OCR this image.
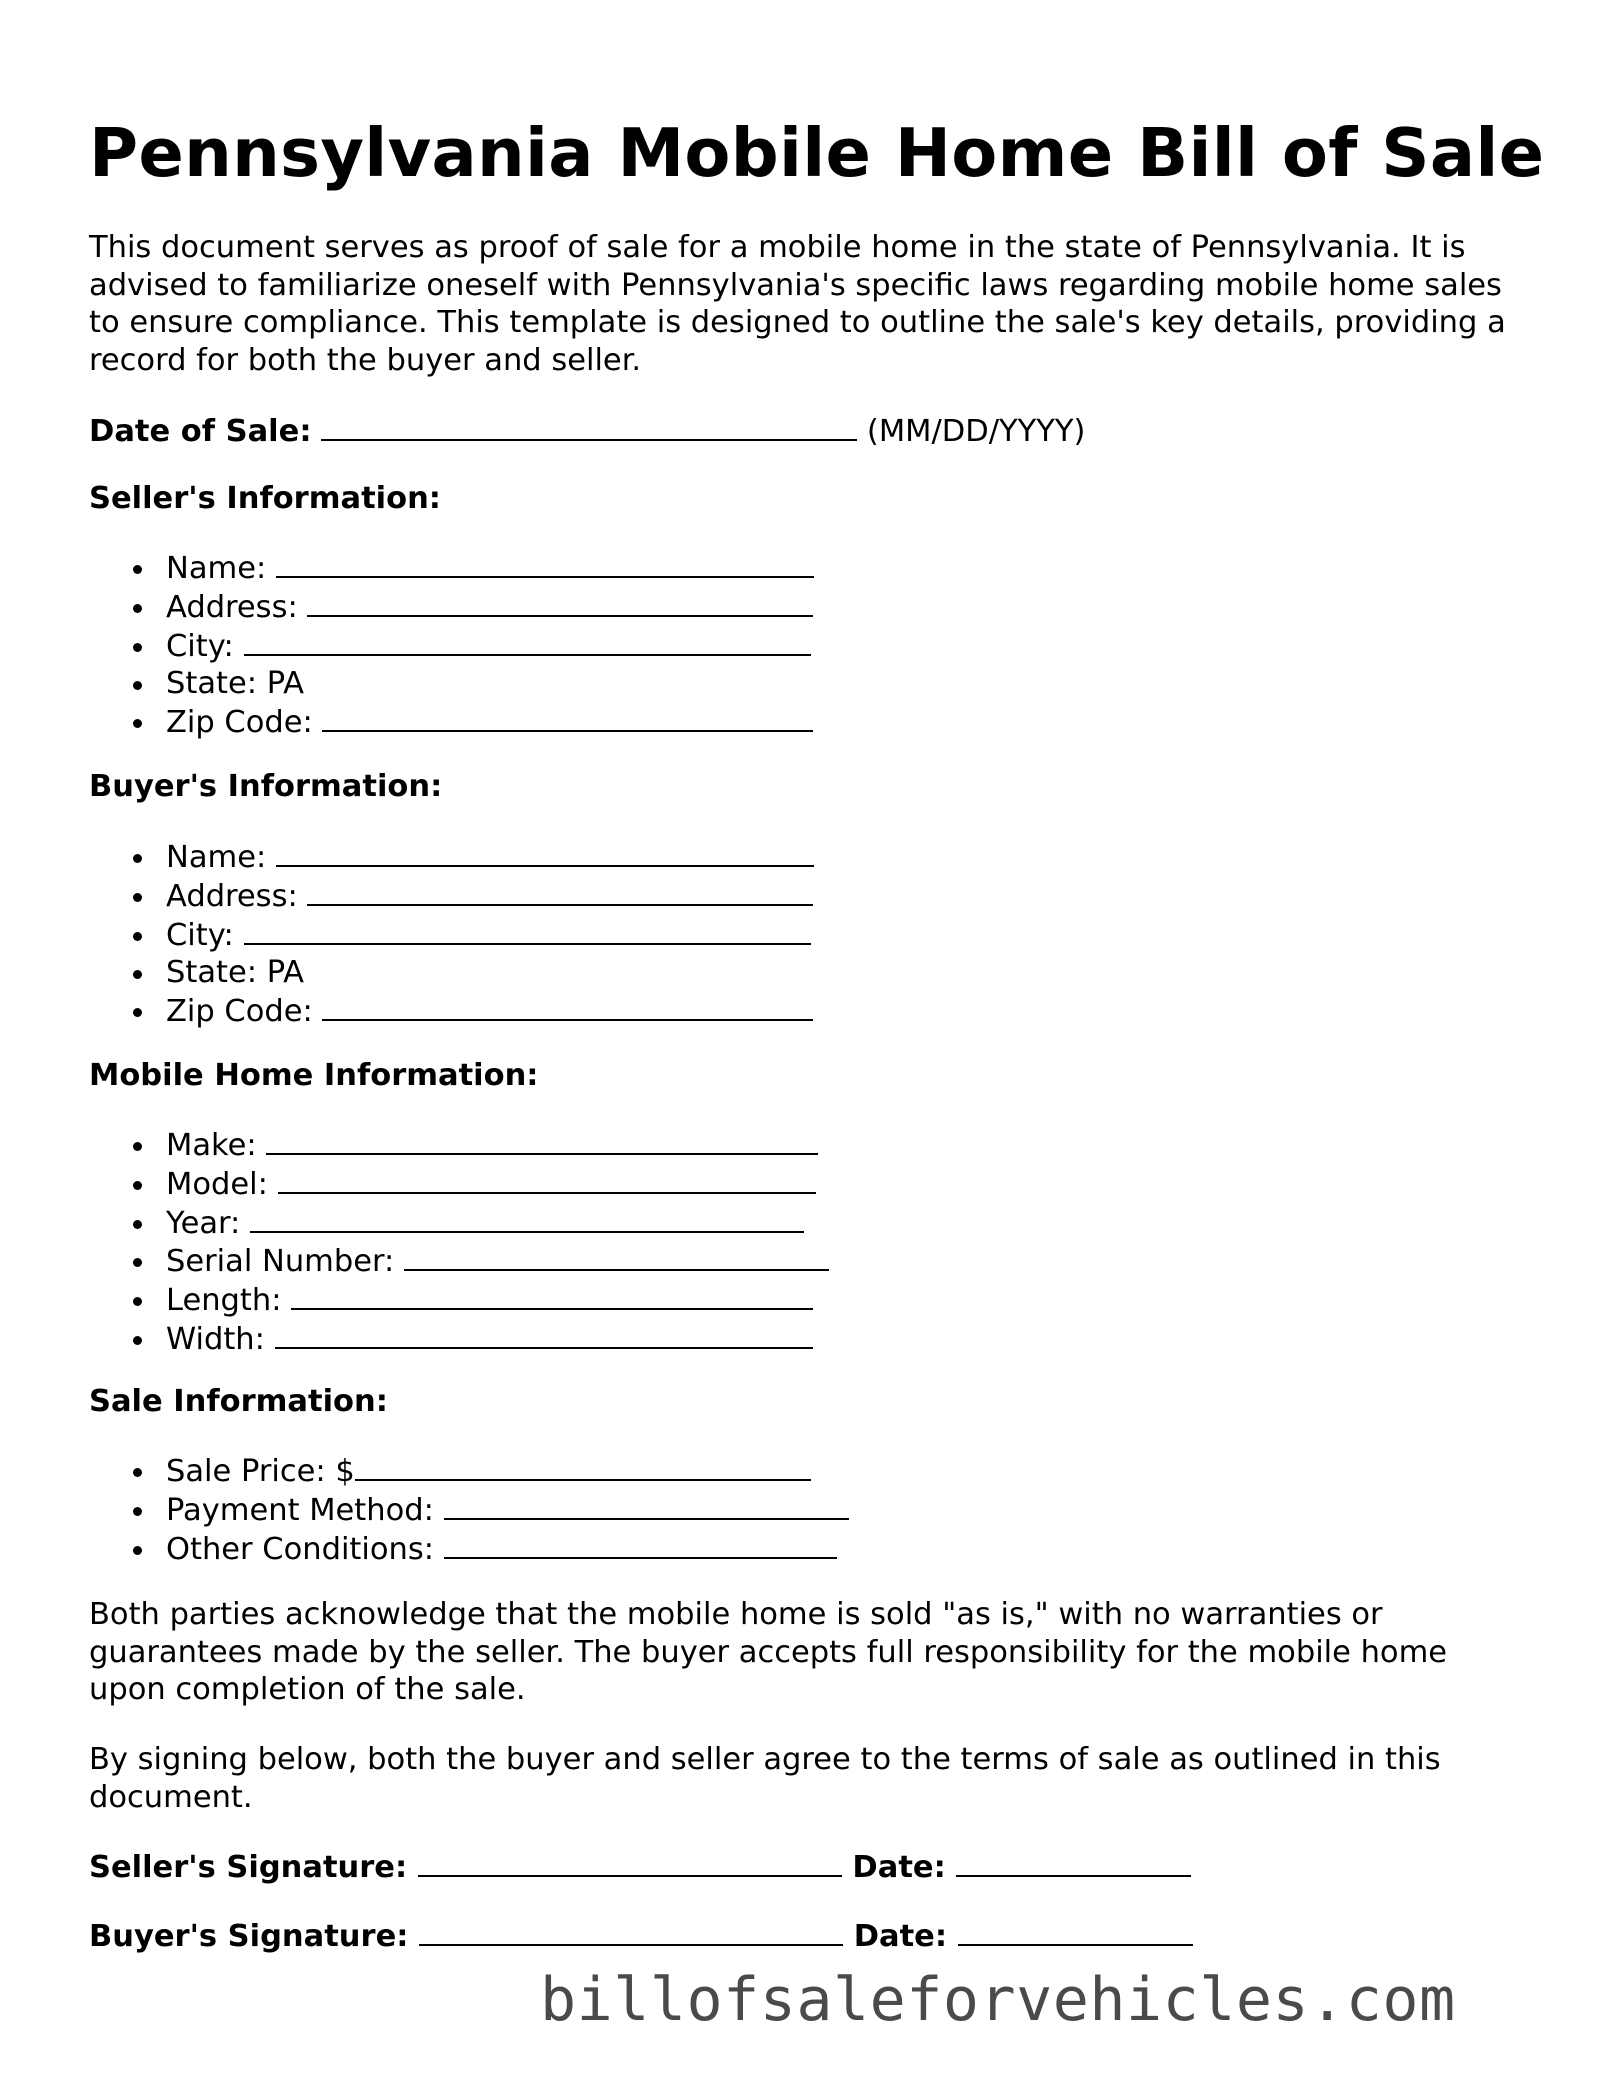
Pennsylvania Mobile Home Bill of Sale

This document serves as proof of sale for a mobile home in the state of Pennsylvania. It is advised to familiarize oneself with Pennsylvania's specific laws regarding mobile home sales to ensure compliance. This template is designed to outline the sale's key details, providing a record for both the buyer and seller.

Date of Sale:	(MM/DD/YYYY)

Seller's Information:

Name:
Address:
City:
State: PA
Zip Code:

Buyer's Information:

Name:
Address:
City:
State: PA
Zip Code:

Mobile Home Information:

Make:
Model:
Year:
Serial Number:
Length:
Width:

Sale Information:

Sale Price: $
Payment Method:
Other Conditions:

Both parties acknowledge that the mobile home is sold "as is," with no warranties or guarantees made by the seller. The buyer accepts full responsibility for the mobile home upon completion of the sale.

By signing below, both the buyer and seller agree to the terms of sale as outlined in this document.

Seller's Signature:	Date:

Buyer's Signature:	Date:

billofsaleforvehicles.com
